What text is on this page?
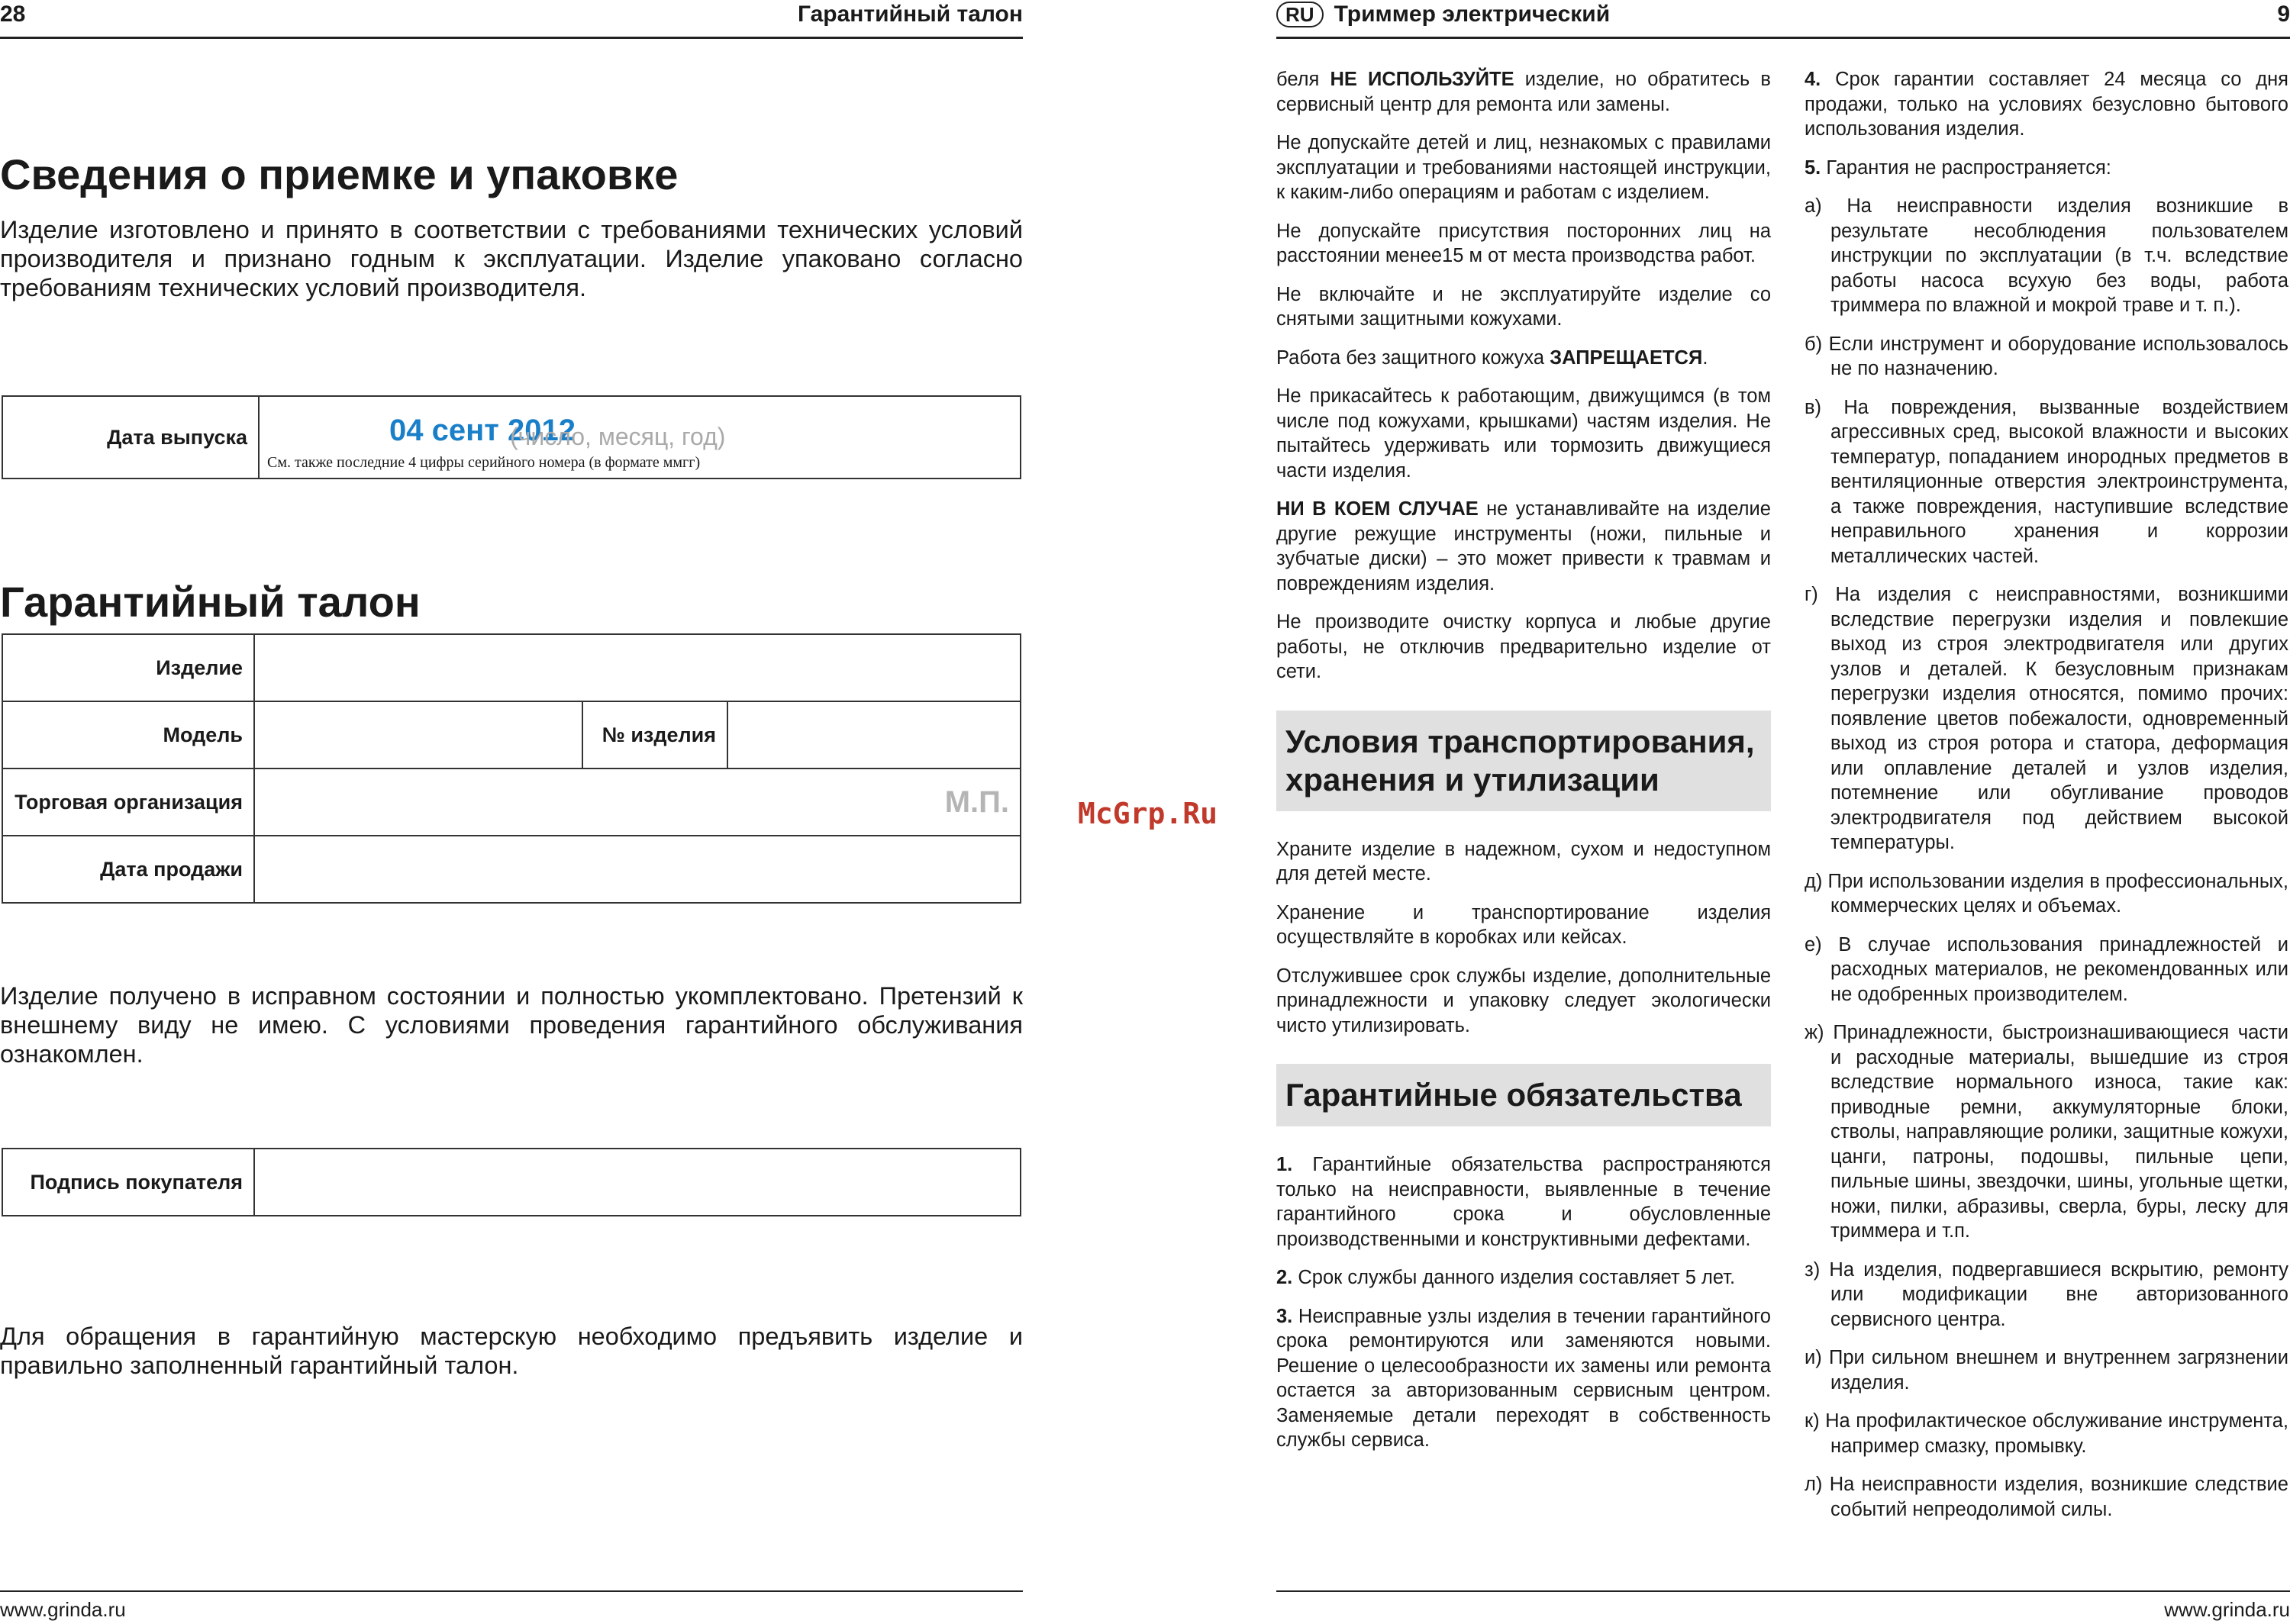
28	Гарантийный талон
Сведения о приемке и упаковке
Изделие изготовлено и принято в соответствии с требованиями технических условий производителя и признано годным к эксплуатации. Изделие упаковано согласно требованиям технических условий производителя.
Дата выпуска	04 сент 2012
(число, месяц, год)
См. также последние 4 цифры серийного номера (в формате ммгг)
Гарантийный талон
Изделие			
Модель		№ изделия	
Торговая организация	М.П.		
Дата продажи			
Изделие получено в исправном состоянии и полностью укомплектовано. Претензий к внешнему виду не имею. С условиями проведения гарантийного обслуживания ознакомлен.
Подпись покупателя	
Для обращения в гарантийную мастерскую необходимо предъявить изделие и правильно заполненный гарантийный талон.
www.grinda.ru
McGrp.Ru
RU Триммер электрический	9

беля НЕ ИСПОЛЬЗУЙТЕ изделие, но обратитесь в сервисный центр для ремонта или замены.

Не допускайте детей и лиц, незнакомых с правилами эксплуатации и требованиями настоящей инструкции, к каким-либо операциям и работам с изделием.

Не допускайте присутствия посторонних лиц на расстоянии менее15 м от места производства работ.

Не включайте и не эксплуатируйте изделие со снятыми защитными кожухами.

Работа без защитного кожуха ЗАПРЕЩАЕТСЯ.

Не прикасайтесь к работающим, движущимся (в том числе под кожухами, крышками) частям изделия. Не пытайтесь удерживать или тормозить движущиеся части изделия.

НИ В КОЕМ СЛУЧАЕ не устанавливайте на изделие другие режущие инструменты (ножи, пильные и зубчатые диски) – это может привести к травмам и повреждениям изделия.

Не производите очистку корпуса и любые другие работы, не отключив предварительно изделие от сети.

Условия транспортирования, хранения и утилизации

Храните изделие в надежном, сухом и недоступном для детей месте.

Хранение и транспортирование изделия осуществляйте в коробках или кейсах.

Отслужившее срок службы изделие, дополнительные принадлежности и упаковку следует экологически чисто утилизировать.

Гарантийные обязательства

1. Гарантийные обязательства распространяются только на неисправности, выявленные в течение гарантийного срока и обусловленные производственными и конструктивными дефектами.

2. Срок службы данного изделия составляет 5 лет.

3. Неисправные узлы изделия в течении гарантийного срока ремонтируются или заменяются новыми. Решение о целесообразности их замены или ремонта остается за авторизованным сервисным центром. Заменяемые детали переходят в собственность службы сервиса.

4. Срок гарантии составляет 24 месяца со дня продажи, только на условиях безусловно бытового использования изделия.

5. Гарантия не распространяется:

а) На неисправности изделия возникшие в результате несоблюдения пользователем инструкции по эксплуатации (в т.ч. вследствие работы насоса всухую без воды, работа триммера по влажной и мокрой траве и т. п.).
б) Если инструмент и оборудование использовалось не по назначению.
в) На повреждения, вызванные воздействием агрессивных сред, высокой влажности и высоких температур, попаданием инородных предметов в вентиляционные отверстия электроинструмента, а также повреждения, наступившие вследствие неправильного хранения и коррозии металлических частей.
г) На изделия с неисправностями, возникшими вследствие перегрузки изделия и повлекшие выход из строя электродвигателя или других узлов и деталей. К безусловным признакам перегрузки изделия относятся, помимо прочих: появление цветов побежалости, одновременный выход из строя ротора и статора, деформация или оплавление деталей и узлов изделия, потемнение или обугливание проводов электродвигателя под действием высокой температуры.
д) При использовании изделия в профессиональных, коммерческих целях и объемах.
е) В случае использования принадлежностей и расходных материалов, не рекомендованных или не одобренных производителем.
ж) Принадлежности, быстроизнашивающиеся части и расходные материалы, вышедшие из строя вследствие нормального износа, такие как: приводные ремни, аккумуляторные блоки, стволы, направляющие ролики, защитные кожухи, цанги, патроны, подошвы, пильные цепи, пильные шины, звездочки, шины, угольные щетки, ножи, пилки, абразивы, сверла, буры, леску для триммера и т.п.
з) На изделия, подвергавшиеся вскрытию, ремонту или модификации вне авторизованного сервисного центра.
и) При сильном внешнем и внутреннем загрязнении изделия.
к) На профилактическое обслуживание инструмента, например смазку, промывку.
л) На неисправности изделия, возникшие следствие событий непреодолимой силы.
www.grinda.ru
